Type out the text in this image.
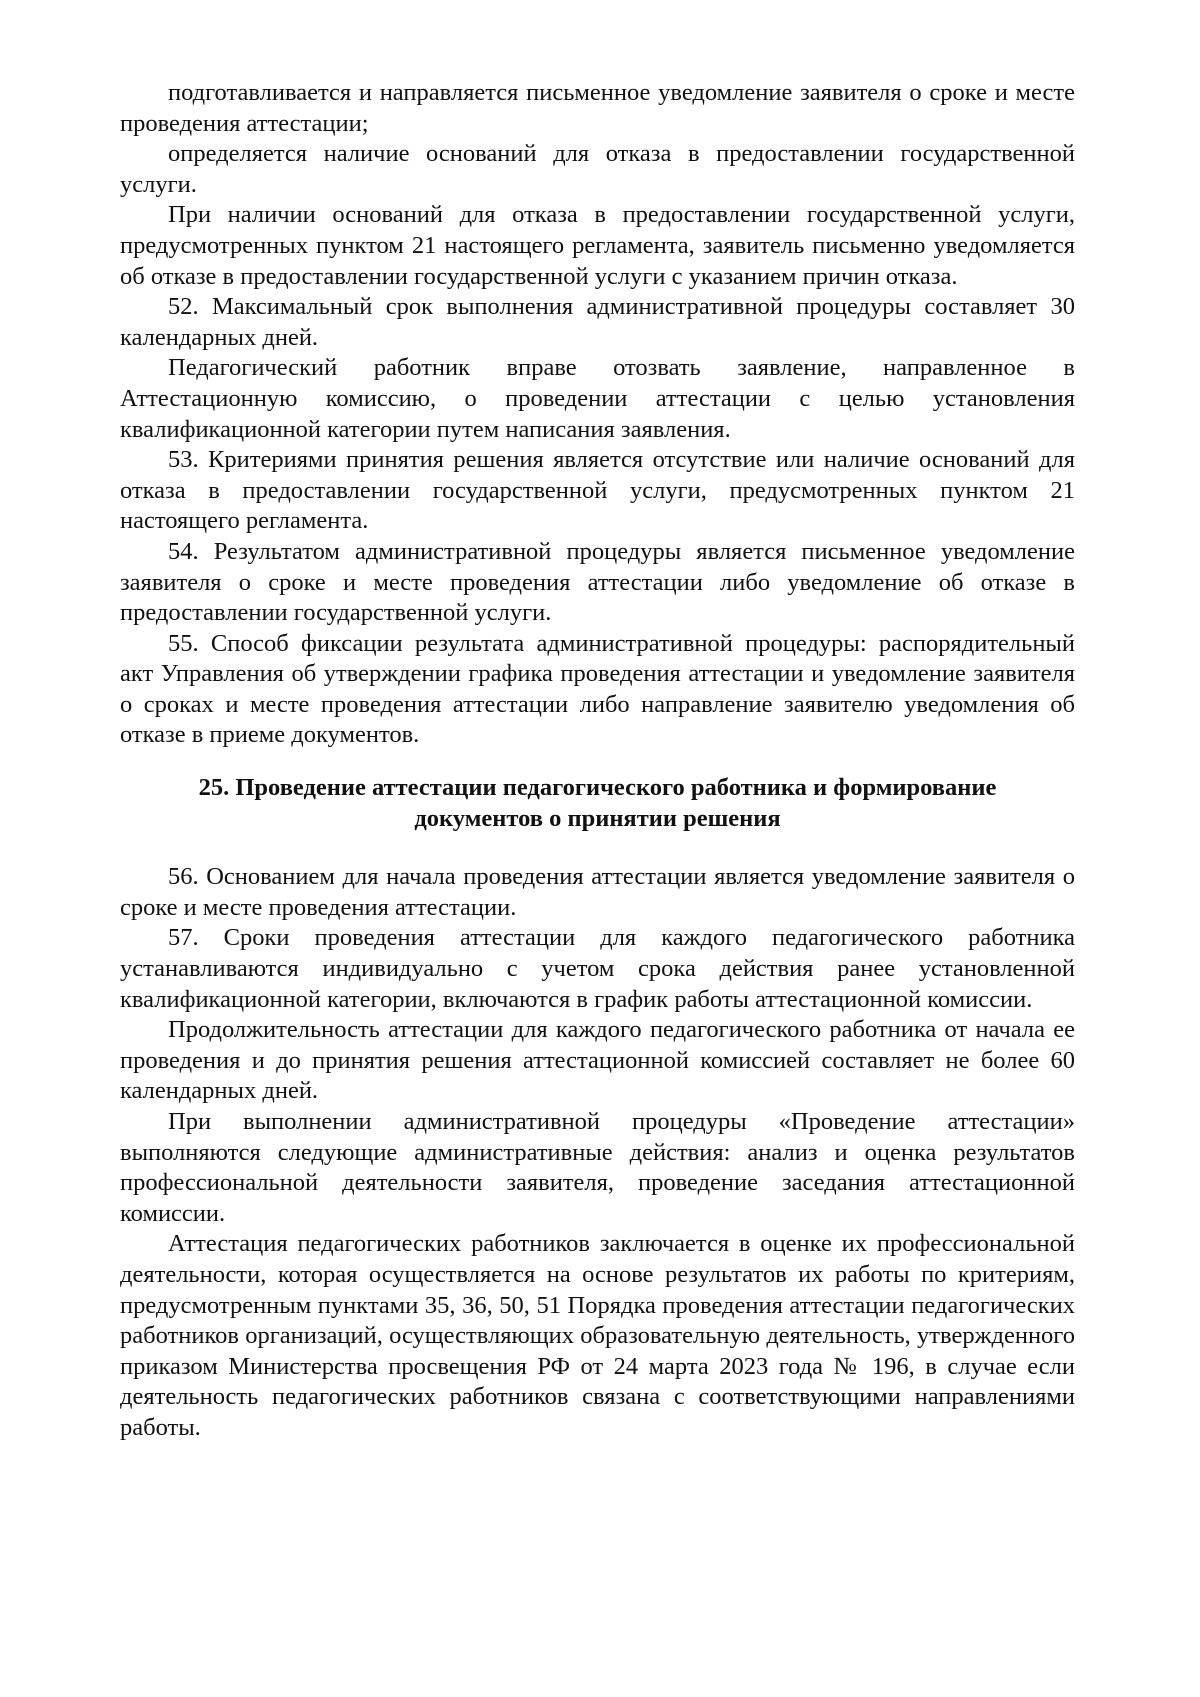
подготавливается и направляется письменное уведомление заявителя о сроке и месте проведения аттестации;

определяется наличие оснований для отказа в предоставлении государственной услуги.

При наличии оснований для отказа в предоставлении государственной услуги, предусмотренных пунктом 21 настоящего регламента, заявитель письменно уведомляется об отказе в предоставлении государственной услуги с указанием причин отказа.

52. Максимальный срок выполнения административной процедуры составляет 30 календарных дней.

Педагогический работник вправе отозвать заявление, направленное в Аттестационную комиссию, о проведении аттестации с целью установления квалификационной категории путем написания заявления.

53. Критериями принятия решения является отсутствие или наличие оснований для отказа в предоставлении государственной услуги, предусмотренных пунктом 21 настоящего регламента.

54. Результатом административной процедуры является письменное уведомление заявителя о сроке и месте проведения аттестации либо уведомление об отказе в предоставлении государственной услуги.

55. Способ фиксации результата административной процедуры: распорядительный акт Управления об утверждении графика проведения аттестации и уведомление заявителя о сроках и месте проведения аттестации либо направление заявителю уведомления об отказе в приеме документов.

25. Проведение аттестации педагогического работника и формирование
документов о принятии решения

56. Основанием для начала проведения аттестации является уведомление заявителя о сроке и месте проведения аттестации.

57. Сроки проведения аттестации для каждого педагогического работника устанавливаются индивидуально с учетом срока действия ранее установленной квалификационной категории, включаются в график работы аттестационной комиссии.

Продолжительность аттестации для каждого педагогического работника от начала ее проведения и до принятия решения аттестационной комиссией составляет не более 60 календарных дней.

При выполнении административной процедуры «Проведение аттестации» выполняются следующие административные действия: анализ и оценка результатов профессиональной деятельности заявителя, проведение заседания аттестационной комиссии.

Аттестация педагогических работников заключается в оценке их профессиональной деятельности, которая осуществляется на основе результатов их работы по критериям, предусмотренным пунктами 35, 36, 50, 51 Порядка проведения аттестации педагогических работников организаций, осуществляющих образовательную деятельность, утвержденного приказом Министерства просвещения РФ от 24 марта 2023 года № 196, в случае если деятельность педагогических работников связана с соответствующими направлениями работы.
